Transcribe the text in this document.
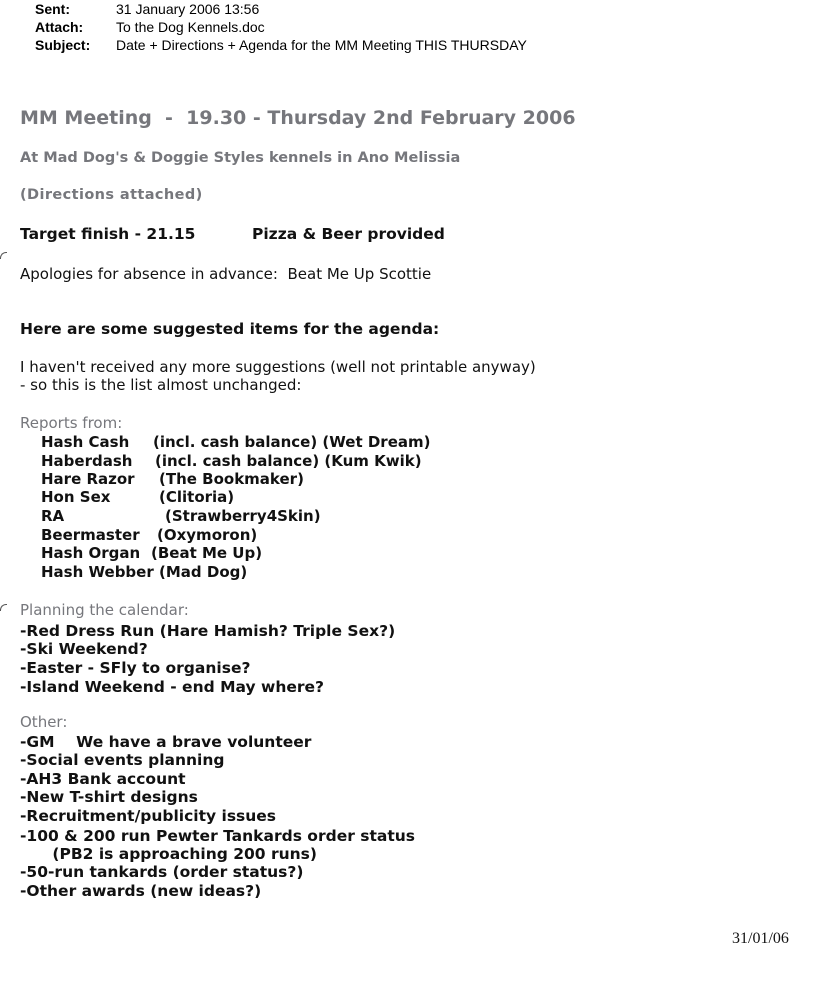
Sent:	31 January 2006 13:56
Attach: To the Dog Kennels.doc
Subject: Date + Directions + Agenda for the MM Meeting THIS THURSDAY
MM Meeting  -  19.30 - Thursday 2nd February 2006
At Mad Dog's & Doggie Styles kennels in Ano Melissia
(Directions attached)
Target finish - 21.15	Pizza & Beer provided
Apologies for absence in advance:  Beat Me Up Scottie
Here are some suggested items for the agenda:
I haven't received any more suggestions (well not printable anyway)
- so this is the list almost unchanged:
Reports from:
Hash Cash (incl. cash balance) (Wet Dream)
Haberdash (incl. cash balance) (Kum Kwik)
Hare Razor (The Bookmaker)
Hon Sex	(Clitoria)
RA	(Strawberry4Skin)
Beermaster (Oxymoron)
Hash Organ (Beat Me Up)
Hash Webber (Mad Dog)
Planning the calendar:
-Red Dress Run (Hare Hamish? Triple Sex?)
-Ski Weekend?
-Easter - SFly to organise?
-Island Weekend - end May where?
Other:
-GM    We have a brave volunteer
-Social events planning
-AH3 Bank account
-New T-shirt designs
-Recruitment/publicity issues
-100 & 200 run Pewter Tankards order status
(PB2 is approaching 200 runs)
-50-run tankards (order status?)
-Other awards (new ideas?)
31/01/06
